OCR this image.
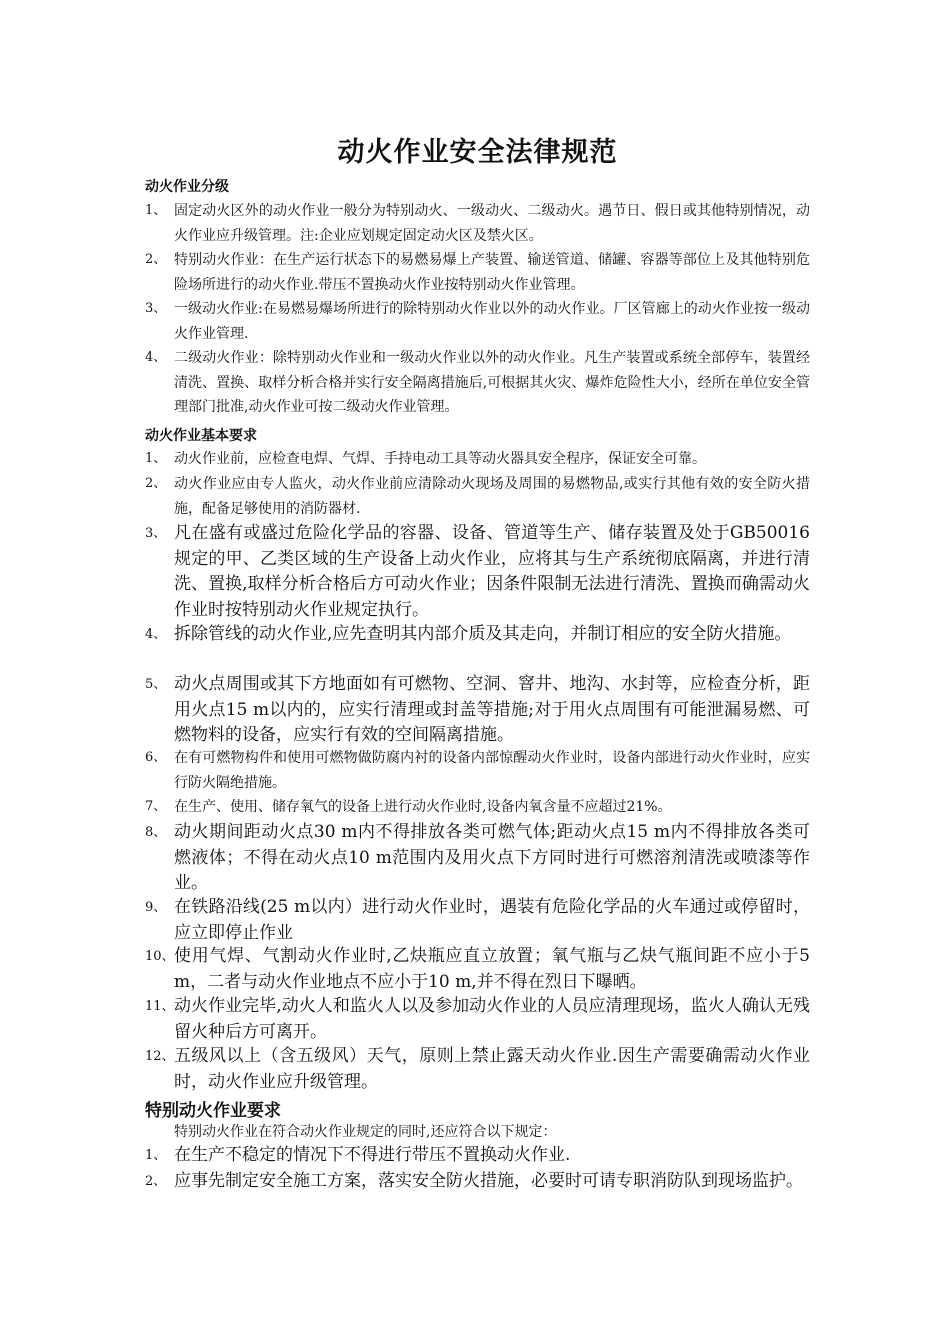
动火作业安全法律规范
动火作业分级
1、 固定动火区外的动火作业一般分为特别动火、一级动火、二级动火。遇节日、假日或其他特别情况，动火作业应升级管理。注:企业应划规定固定动火区及禁火区。
2、 特别动火作业：在生产运行状态下的易燃易爆上产装置、输送管道、储罐、容器等部位上及其他特别危险场所进行的动火作业.带压不置换动火作业按特别动火作业管理。
3、 一级动火作业:在易燃易爆场所进行的除特别动火作业以外的动火作业。厂区管廊上的动火作业按一级动火作业管理.
4、 二级动火作业：除特别动火作业和一级动火作业以外的动火作业。凡生产装置或系统全部停车，装置经清洗、置换、取样分析合格并实行安全隔离措施后,可根据其火灾、爆炸危险性大小，经所在单位安全管理部门批准,动火作业可按二级动火作业管理。
动火作业基本要求
1、 动火作业前，应检查电焊、气焊、手持电动工具等动火器具安全程序，保证安全可靠。
2、 动火作业应由专人监火，动火作业前应清除动火现场及周围的易燃物品,或实行其他有效的安全防火措施，配备足够使用的消防器材.
3、 凡在盛有或盛过危险化学品的容器、设备、管道等生产、储存装置及处于GB50016规定的甲、乙类区域的生产设备上动火作业，应将其与生产系统彻底隔离，并进行清洗、置换,取样分析合格后方可动火作业；因条件限制无法进行清洗、置换而确需动火作业时按特别动火作业规定执行。
4、 拆除管线的动火作业,应先查明其内部介质及其走向，并制订相应的安全防火措施。
5、 动火点周围或其下方地面如有可燃物、空洞、窨井、地沟、水封等，应检查分析，距用火点15 m以内的，应实行清理或封盖等措施;对于用火点周围有可能泄漏易燃、可燃物料的设备，应实行有效的空间隔离措施。
6、 在有可燃物构件和使用可燃物做防腐内衬的设备内部惊醒动火作业时，设备内部进行动火作业时，应实行防火隔绝措施。
7、 在生产、使用、储存氧气的设备上进行动火作业时,设备内氧含量不应超过21%。
8、 动火期间距动火点30 m内不得排放各类可燃气体;距动火点15 m内不得排放各类可燃液体；不得在动火点10 m范围内及用火点下方同时进行可燃溶剂清洗或喷漆等作业。
9、 在铁路沿线(25 m以内）进行动火作业时，遇装有危险化学品的火车通过或停留时，应立即停止作业
10、 使用气焊、气割动火作业时,乙炔瓶应直立放置；氧气瓶与乙炔气瓶间距不应小于5 m，二者与动火作业地点不应小于10 m,并不得在烈日下曝晒。
11、 动火作业完毕,动火人和监火人以及参加动火作业的人员应清理现场，监火人确认无残留火种后方可离开。
12、 五级风以上（含五级风）天气，原则上禁止露天动火作业.因生产需要确需动火作业时，动火作业应升级管理。
特别动火作业要求
特别动火作业在符合动火作业规定的同时,还应符合以下规定：
1、 在生产不稳定的情况下不得进行带压不置换动火作业.
2、 应事先制定安全施工方案，落实安全防火措施，必要时可请专职消防队到现场监护。
